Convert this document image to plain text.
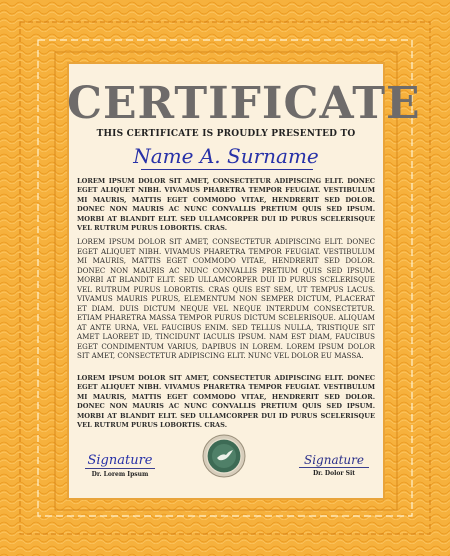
CERTIFICATE
THIS CERTIFICATE IS PROUDLY PRESENTED TO
Name A. Surname
LOREM IPSUM DOLOR SIT AMET, CONSECTETUR ADIPISCING ELIT. DONEC EGET ALIQUET NIBH. VIVAMUS PHARETRA TEMPOR FEUGIAT. VESTIBULUM MI MAURIS, MATTIS EGET COMMODO VITAE, HENDRERIT SED DOLOR. DONEC NON MAURIS AC NUNC CONVALLIS PRETIUM QUIS SED IPSUM. MORBI AT BLANDIT ELIT. SED ULLAMCORPER DUI ID PURUS SCELERISQUE VEL RUTRUM PURUS LOBORTIS. CRAS.
LOREM IPSUM DOLOR SIT AMET, CONSECTETUR ADIPISCING ELIT. DONEC EGET ALIQUET NIBH. VIVAMUS PHARETRA TEMPOR FEUGIAT. VESTIBULUM MI MAURIS, MATTIS EGET COMMODO VITAE, HENDRERIT SED DOLOR. DONEC NON MAURIS AC NUNC CONVALLIS PRETIUM QUIS SED IPSUM. MORBI AT BLANDIT ELIT. SED ULLAMCORPER DUI ID PURUS SCELERISQUE VEL RUTRUM PURUS LOBORTIS. CRAS QUIS EST SEM, UT TEMPUS LACUS. VIVAMUS MAURIS PURUS, ELEMENTUM NON SEMPER DICTUM, PLACERAT ET DIAM. DUIS DICTUM NEQUE VEL NEQUE INTERDUM CONSECTETUR. ETIAM PHARETRA MASSA TEMPOR PURUS DICTUM SCELERISQUE. ALIQUAM AT ANTE URNA, VEL FAUCIBUS ENIM. SED TELLUS NULLA, TRISTIQUE SIT AMET LAOREET ID, TINCIDUNT IACULIS IPSUM. NAM EST DIAM, FAUCIBUS EGET CONDIMENTUM VARIUS, DAPIBUS IN LOREM. LOREM IPSUM DOLOR SIT AMET, CONSECTETUR ADIPISCING ELIT. NUNC VEL DOLOR EU MASSA.
LOREM IPSUM DOLOR SIT AMET, CONSECTETUR ADIPISCING ELIT. DONEC EGET ALIQUET NIBH. VIVAMUS PHARETRA TEMPOR FEUGIAT. VESTIBULUM MI MAURIS, MATTIS EGET COMMODO VITAE, HENDRERIT SED DOLOR. DONEC NON MAURIS AC NUNC CONVALLIS PRETIUM QUIS SED IPSUM. MORBI AT BLANDIT ELIT. SED ULLAMCORPER DUI ID PURUS SCELERISQUE VEL RUTRUM PURUS LOBORTIS. CRAS.
Signature
Dr. Lorem Ipsum
Signature
Dr. Dolor Sit
